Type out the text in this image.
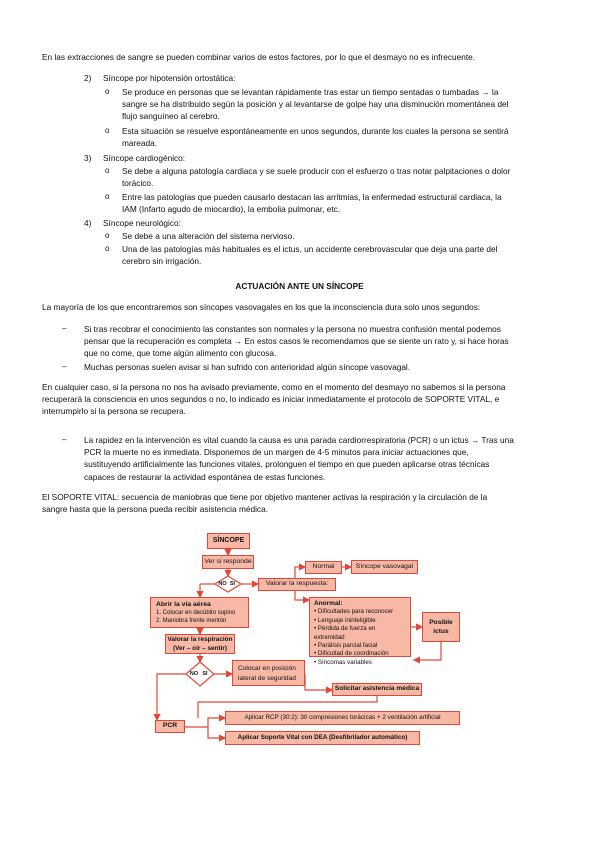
En las extracciones de sangre se pueden combinar varios de estos factores, por lo que el desmayo no es infrecuente.

2) Síncope por hipotensión ortostática:

o Se produce en personas que se levantan rápidamente tras estar un tiempo sentadas o tumbadas → la
sangre se ha distribuido según la posición y al levantarse de golpe hay una disminución momentánea del
flujo sanguíneo al cerebro.

o Esta situación se resuelve espontáneamente en unos segundos, durante los cuales la persona se sentirá
mareada.

3) Síncope cardiogénico:

o Se debe a alguna patología cardiaca y se suele producir con el esfuerzo o tras notar palpitaciones o dolor
torácico.

o Entre las patologías que pueden causarlo destacan las arritmias, la enfermedad estructural cardiaca, la
IAM (Infarto agudo de miocardio), la embolia pulmonar, etc.

4) Síncope neurológico:

o Se debe a una alteración del sistema nervioso.

o Una de las patologías más habituales es el ictus, un accidente cerebrovascular que deja una parte del
cerebro sin irrigación.

ACTUACIÓN ANTE UN SÍNCOPE

La mayoría de los que encontraremos son síncopes vasovagales en los que la inconsciencia dura solo unos segundos:

– Si tras recobrar el conocimiento las constantes son normales y la persona no muestra confusión mental podemos
pensar que la recuperación es completa → En estos casos le recomendamos que se siente un rato y, si hace horas
que no come, que tome algún alimento con glucosa.

– Muchas personas suelen avisar si han sufrido con anterioridad algún síncope vasovagal.

En cualquier caso, si la persona no nos ha avisado previamente, como en el momento del desmayo no sabemos si la persona
recuperará la consciencia en unos segundos o no, lo indicado es iniciar inmediatamente el protocolo de SOPORTE VITAL, e
interrumpirlo si la persona se recupera.

– La rapidez en la intervención es vital cuando la causa es una parada cardiorrespiratoria (PCR) o un ictus → Tras una
PCR la muerte no es inmediata. Disponemos de un margen de 4-5 minutos para iniciar actuaciones que,
sustituyendo artificialmente las funciones vitales, prolonguen el tiempo en que pueden aplicarse otras técnicas
capaces de restaurar la actividad espontánea de estas funciones.
El SOPORTE VITAL: secuencia de maniobras que tiene por objetivo mantener activas la respiración y la circulación de la
sangre hasta que la persona pueda recibir asistencia médica.
SÍNCOPE
Ver si responde
NO SI	Valorar la respuesta:
Normal	Síncope vasovagal
Anormal:
• Dificultades para reconocer
• Lenguaje ininteligible
• Pérdida de fuerza en extremidad
• Parálisis parcial facial
• Dificultad de coordinación
• Síncomas variables
Posible ictus
Abrir la vía aérea
1. Colocar en decúbito supino
2. Maniobra frente mentón
Valorar la respiración
(Ver – oír – sentir)
NO SI
Colocar en posición
lateral de seguridad
Solicitar asistencia médica
PCR
Aplicar RCP (30:2): 30 compresiones torácicas + 2 ventilación artificial
Aplicar Soporte Vital con DEA (Desfibrilador automático)
